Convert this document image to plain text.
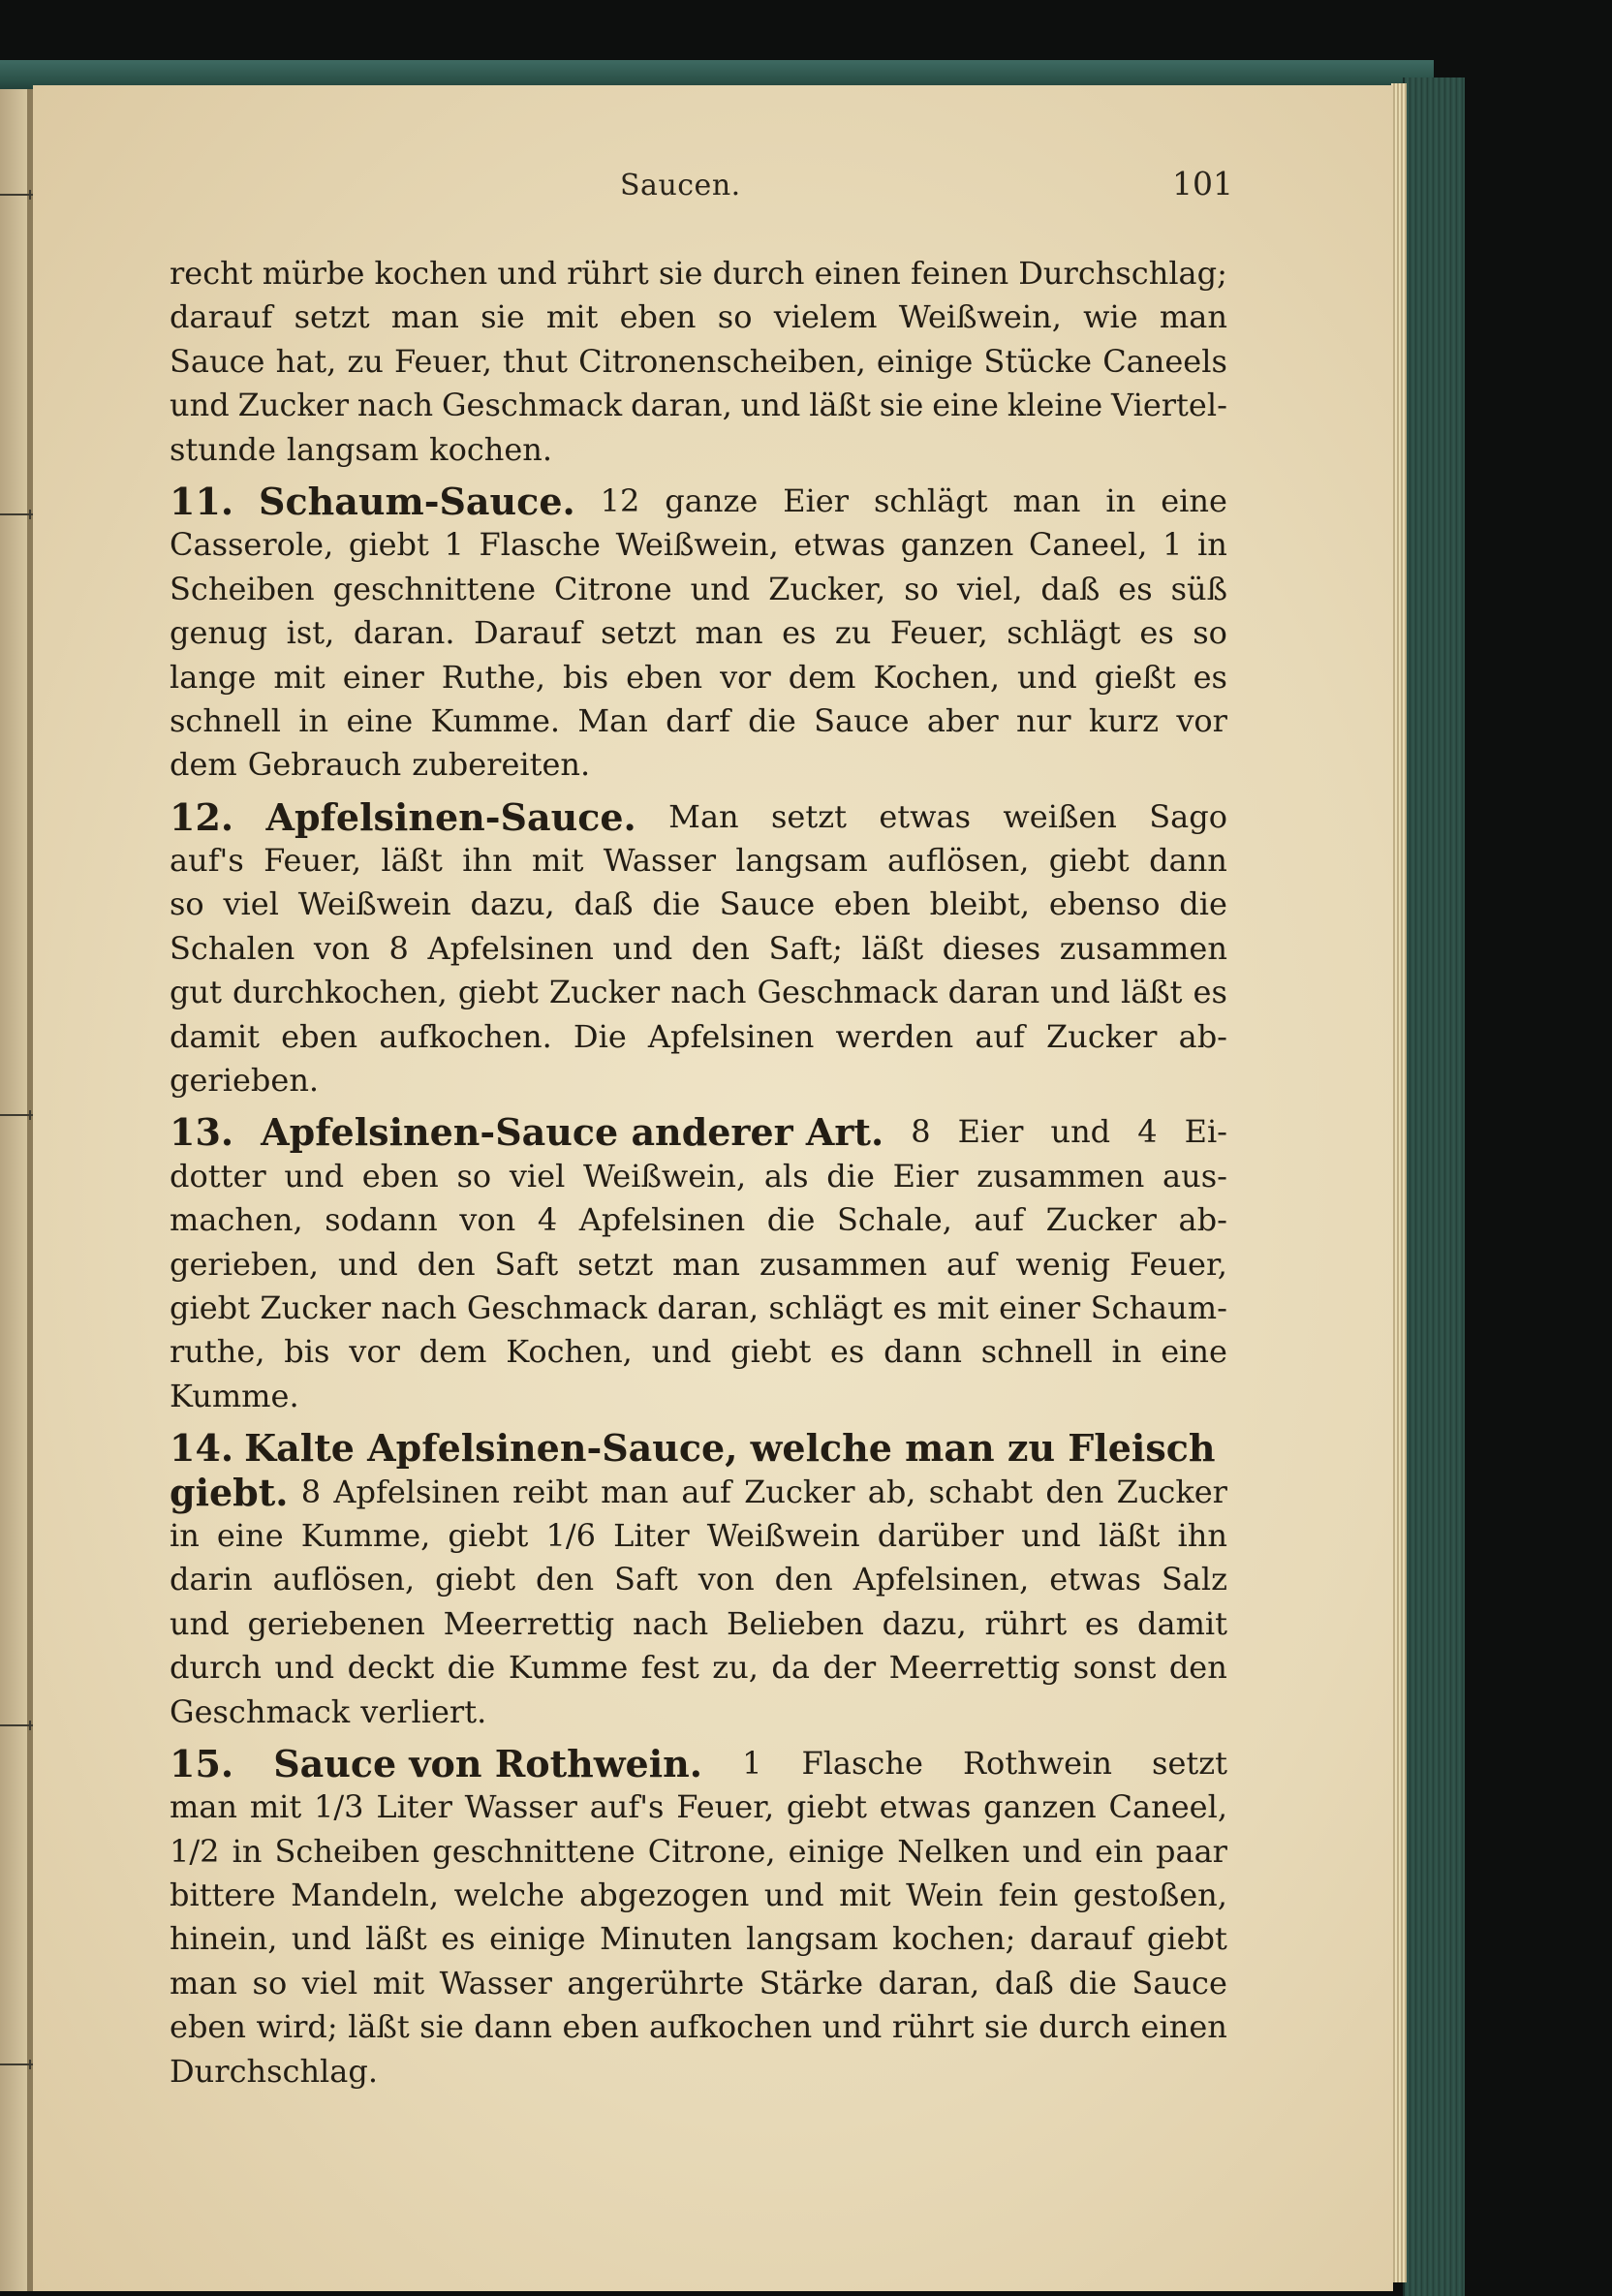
Saucen.	101
recht mürbe kochen und rührt sie durch einen feinen Durchschlag;
darauf setzt man sie mit eben so vielem Weißwein, wie man
Sauce hat, zu Feuer, thut Citronenscheiben, einige Stücke Caneels
und Zucker nach Geschmack daran, und läßt sie eine kleine Viertel-
stunde langsam kochen.
11. Schaum-Sauce. 12 ganze Eier schlägt man in eine
Casserole, giebt 1 Flasche Weißwein, etwas ganzen Caneel, 1 in
Scheiben geschnittene Citrone und Zucker, so viel, daß es süß
genug ist, daran. Darauf setzt man es zu Feuer, schlägt es so
lange mit einer Ruthe, bis eben vor dem Kochen, und gießt es
schnell in eine Kumme. Man darf die Sauce aber nur kurz vor
dem Gebrauch zubereiten.
12. Apfelsinen-Sauce. Man setzt etwas weißen Sago
auf's Feuer, läßt ihn mit Wasser langsam auflösen, giebt dann
so viel Weißwein dazu, daß die Sauce eben bleibt, ebenso die
Schalen von 8 Apfelsinen und den Saft; läßt dieses zusammen
gut durchkochen, giebt Zucker nach Geschmack daran und läßt es
damit eben aufkochen. Die Apfelsinen werden auf Zucker ab-
gerieben.
13. Apfelsinen-Sauce anderer Art. 8 Eier und 4 Ei-
dotter und eben so viel Weißwein, als die Eier zusammen aus-
machen, sodann von 4 Apfelsinen die Schale, auf Zucker ab-
gerieben, und den Saft setzt man zusammen auf wenig Feuer,
giebt Zucker nach Geschmack daran, schlägt es mit einer Schaum-
ruthe, bis vor dem Kochen, und giebt es dann schnell in eine
Kumme.
14. Kalte Apfelsinen-Sauce, welche man zu Fleisch
giebt. 8 Apfelsinen reibt man auf Zucker ab, schabt den Zucker
in eine Kumme, giebt 1/6 Liter Weißwein darüber und läßt ihn
darin auflösen, giebt den Saft von den Apfelsinen, etwas Salz
und geriebenen Meerrettig nach Belieben dazu, rührt es damit
durch und deckt die Kumme fest zu, da der Meerrettig sonst den
Geschmack verliert.
15. Sauce von Rothwein. 1 Flasche Rothwein setzt
man mit 1/3 Liter Wasser auf's Feuer, giebt etwas ganzen Caneel,
1/2 in Scheiben geschnittene Citrone, einige Nelken und ein paar
bittere Mandeln, welche abgezogen und mit Wein fein gestoßen,
hinein, und läßt es einige Minuten langsam kochen; darauf giebt
man so viel mit Wasser angerührte Stärke daran, daß die Sauce
eben wird; läßt sie dann eben aufkochen und rührt sie durch einen
Durchschlag.
